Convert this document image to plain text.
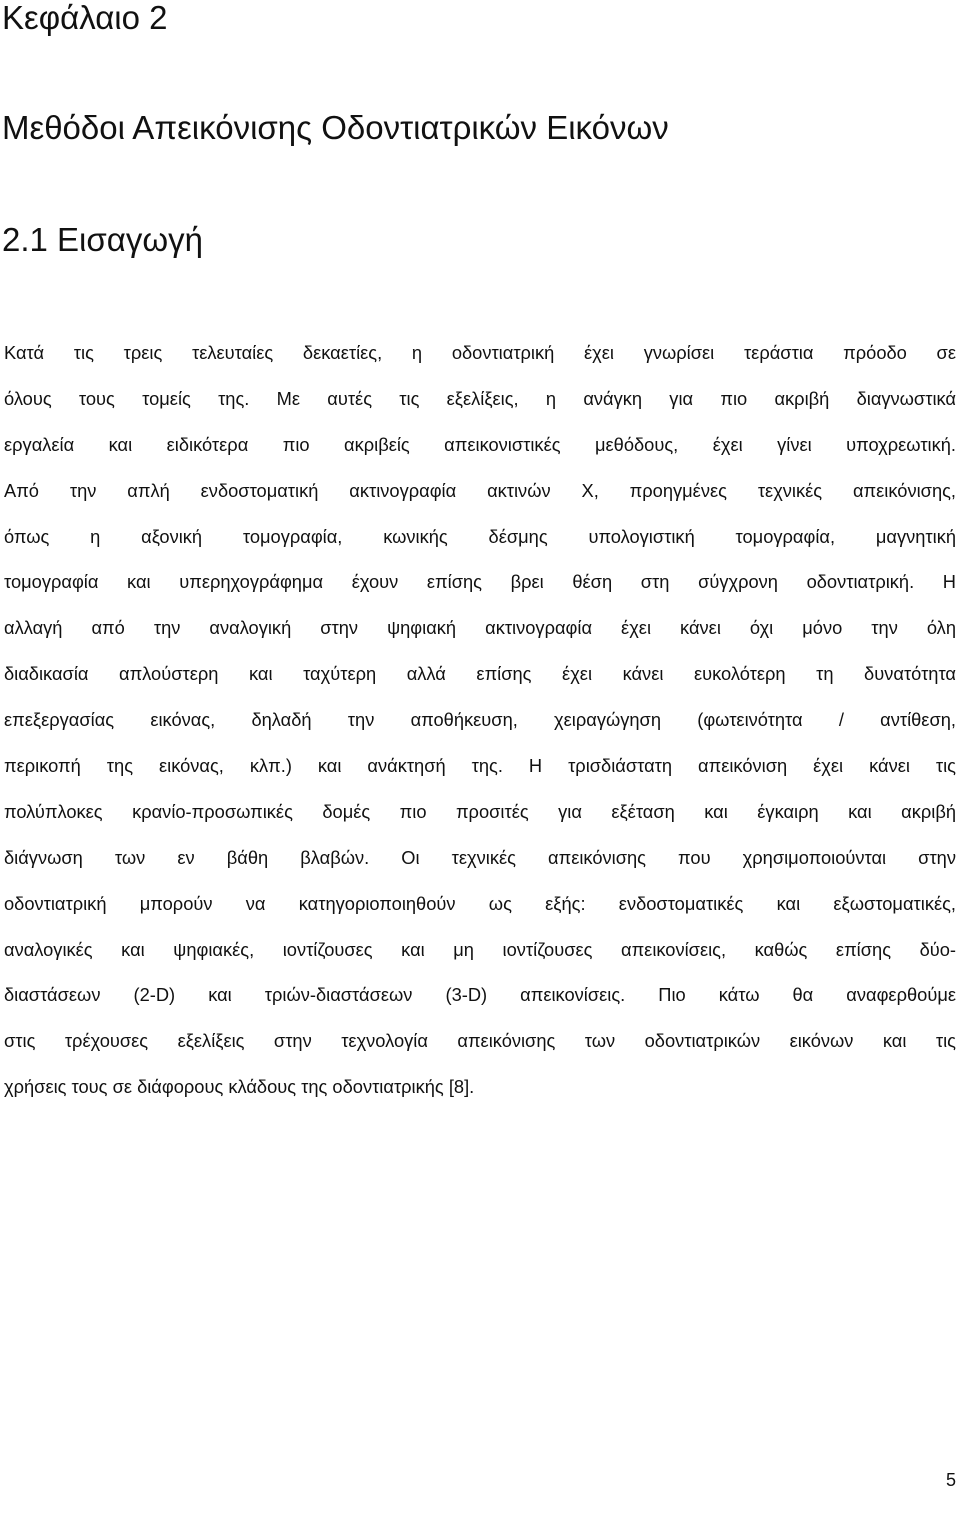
Κεφάλαιο 2
Μεθόδοι Απεικόνισης Οδοντιατρικών Εικόνων
2.1 Εισαγωγή
Κατά τις τρεις τελευταίες δεκαετίες, η οδοντιατρική έχει γνωρίσει τεράστια πρόοδο σε
όλους τους τομείς της. Με αυτές τις εξελίξεις, η ανάγκη για πιο ακριβή διαγνωστικά
εργαλεία και ειδικότερα πιο ακριβείς απεικονιστικές μεθόδους, έχει γίνει υποχρεωτική.
Από την απλή ενδοστοματική ακτινογραφία ακτινών Χ, προηγμένες τεχνικές απεικόνισης,
όπως η αξονική τομογραφία, κωνικής δέσμης υπολογιστική τομογραφία, μαγνητική
τομογραφία και υπερηχογράφημα έχουν επίσης βρει θέση στη σύγχρονη οδοντιατρική. Η
αλλαγή από την αναλογική στην ψηφιακή ακτινογραφία έχει κάνει όχι μόνο την όλη
διαδικασία απλούστερη και ταχύτερη αλλά επίσης έχει κάνει ευκολότερη τη δυνατότητα
επεξεργασίας εικόνας, δηλαδή την αποθήκευση, χειραγώγηση (φωτεινότητα / αντίθεση,
περικοπή της εικόνας, κλπ.) και ανάκτησή της. Η τρισδιάστατη απεικόνιση έχει κάνει τις
πολύπλοκες κρανίο-προσωπικές δομές πιο προσιτές για εξέταση και έγκαιρη και ακριβή
διάγνωση των εν βάθη βλαβών. Οι τεχνικές απεικόνισης που χρησιμοποιούνται στην
οδοντιατρική μπορούν να κατηγοριοποιηθούν ως εξής: ενδοστοματικές και εξωστοματικές,
αναλογικές και ψηφιακές, ιοντίζουσες και μη ιοντίζουσες απεικονίσεις, καθώς επίσης δύο-
διαστάσεων (2-D) και τριών-διαστάσεων (3-D) απεικονίσεις. Πιο κάτω θα αναφερθούμε
στις τρέχουσες εξελίξεις στην τεχνολογία απεικόνισης των οδοντιατρικών εικόνων και τις
χρήσεις τους σε διάφορους κλάδους της οδοντιατρικής [8].
5
